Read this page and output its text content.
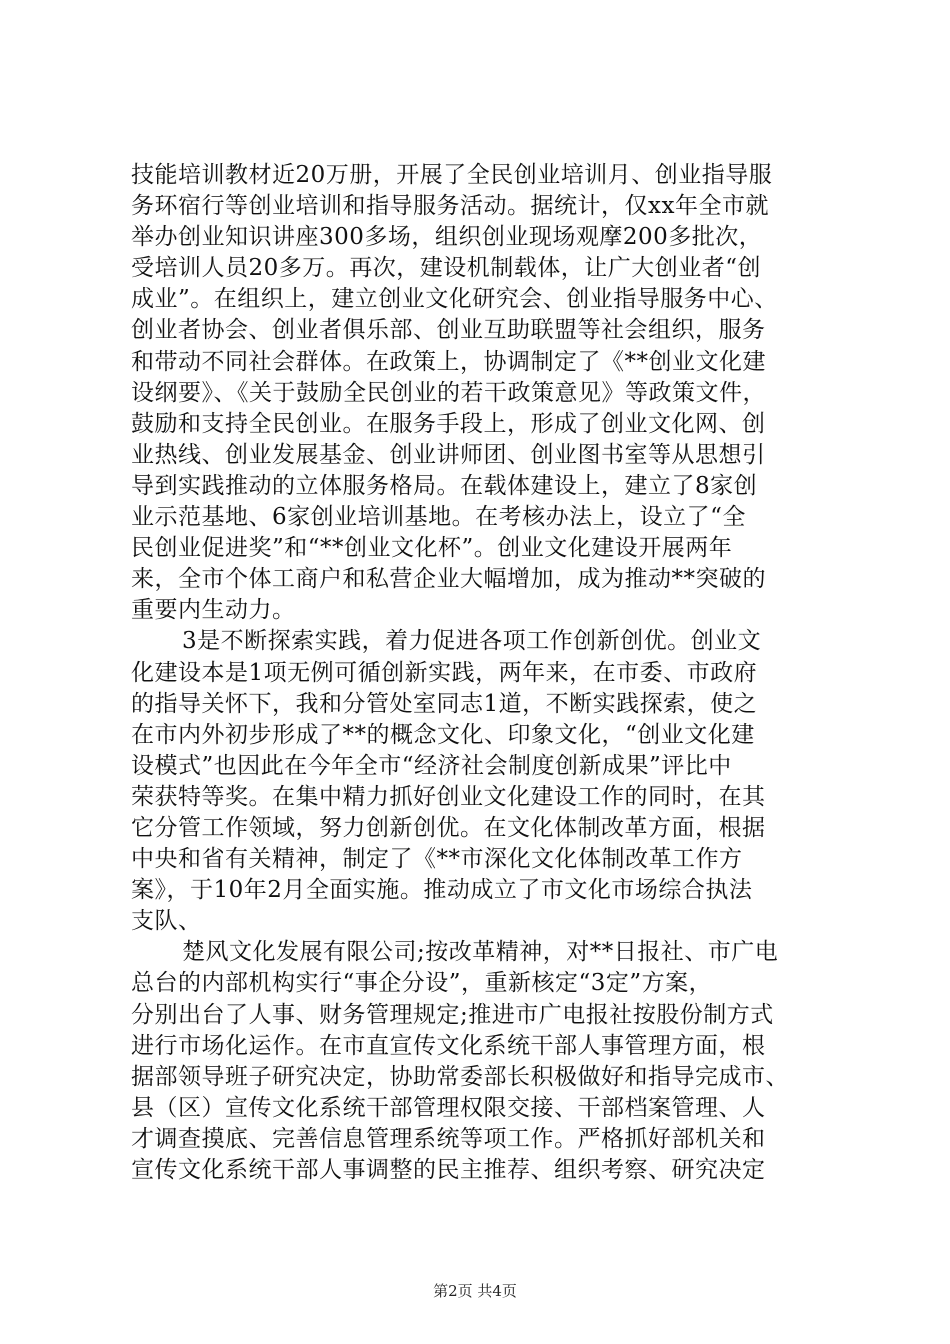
技能培训教材近20万册，开展了全民创业培训月、创业指导服
务环宿行等创业培训和指导服务活动。据统计，仅xx年全市就
举办创业知识讲座300多场，组织创业现场观摩200多批次，
受培训人员20多万。再次，建设机制载体，让广大创业者“创
成业”。在组织上，建立创业文化研究会、创业指导服务中心、
创业者协会、创业者俱乐部、创业互助联盟等社会组织，服务
和带动不同社会群体。在政策上，协调制定了《**创业文化建
设纲要》、《关于鼓励全民创业的若干政策意见》等政策文件，
鼓励和支持全民创业。在服务手段上，形成了创业文化网、创
业热线、创业发展基金、创业讲师团、创业图书室等从思想引
导到实践推动的立体服务格局。在载体建设上，建立了8家创
业示范基地、6家创业培训基地。在考核办法上，设立了“全
民创业促进奖”和“**创业文化杯”。创业文化建设开展两年
来，全市个体工商户和私营企业大幅增加，成为推动**突破的
重要内生动力。
3是不断探索实践，着力促进各项工作创新创优。创业文
化建设本是1项无例可循创新实践，两年来，在市委、市政府
的指导关怀下，我和分管处室同志1道，不断实践探索，使之
在市内外初步形成了**的概念文化、印象文化，“创业文化建
设模式”也因此在今年全市“经济社会制度创新成果”评比中
荣获特等奖。在集中精力抓好创业文化建设工作的同时，在其
它分管工作领域，努力创新创优。在文化体制改革方面，根据
中央和省有关精神，制定了《**市深化文化体制改革工作方
案》，于10年2月全面实施。推动成立了市文化市场综合执法
支队、
楚风文化发展有限公司;按改革精神，对**日报社、市广电
总台的内部机构实行“事企分设”，重新核定“3定”方案，
分别出台了人事、财务管理规定;推进市广电报社按股份制方式
进行市场化运作。在市直宣传文化系统干部人事管理方面，根
据部领导班子研究决定，协助常委部长积极做好和指导完成市、
县（区）宣传文化系统干部管理权限交接、干部档案管理、人
才调查摸底、完善信息管理系统等项工作。严格抓好部机关和
宣传文化系统干部人事调整的民主推荐、组织考察、研究决定
第2页 共4页
